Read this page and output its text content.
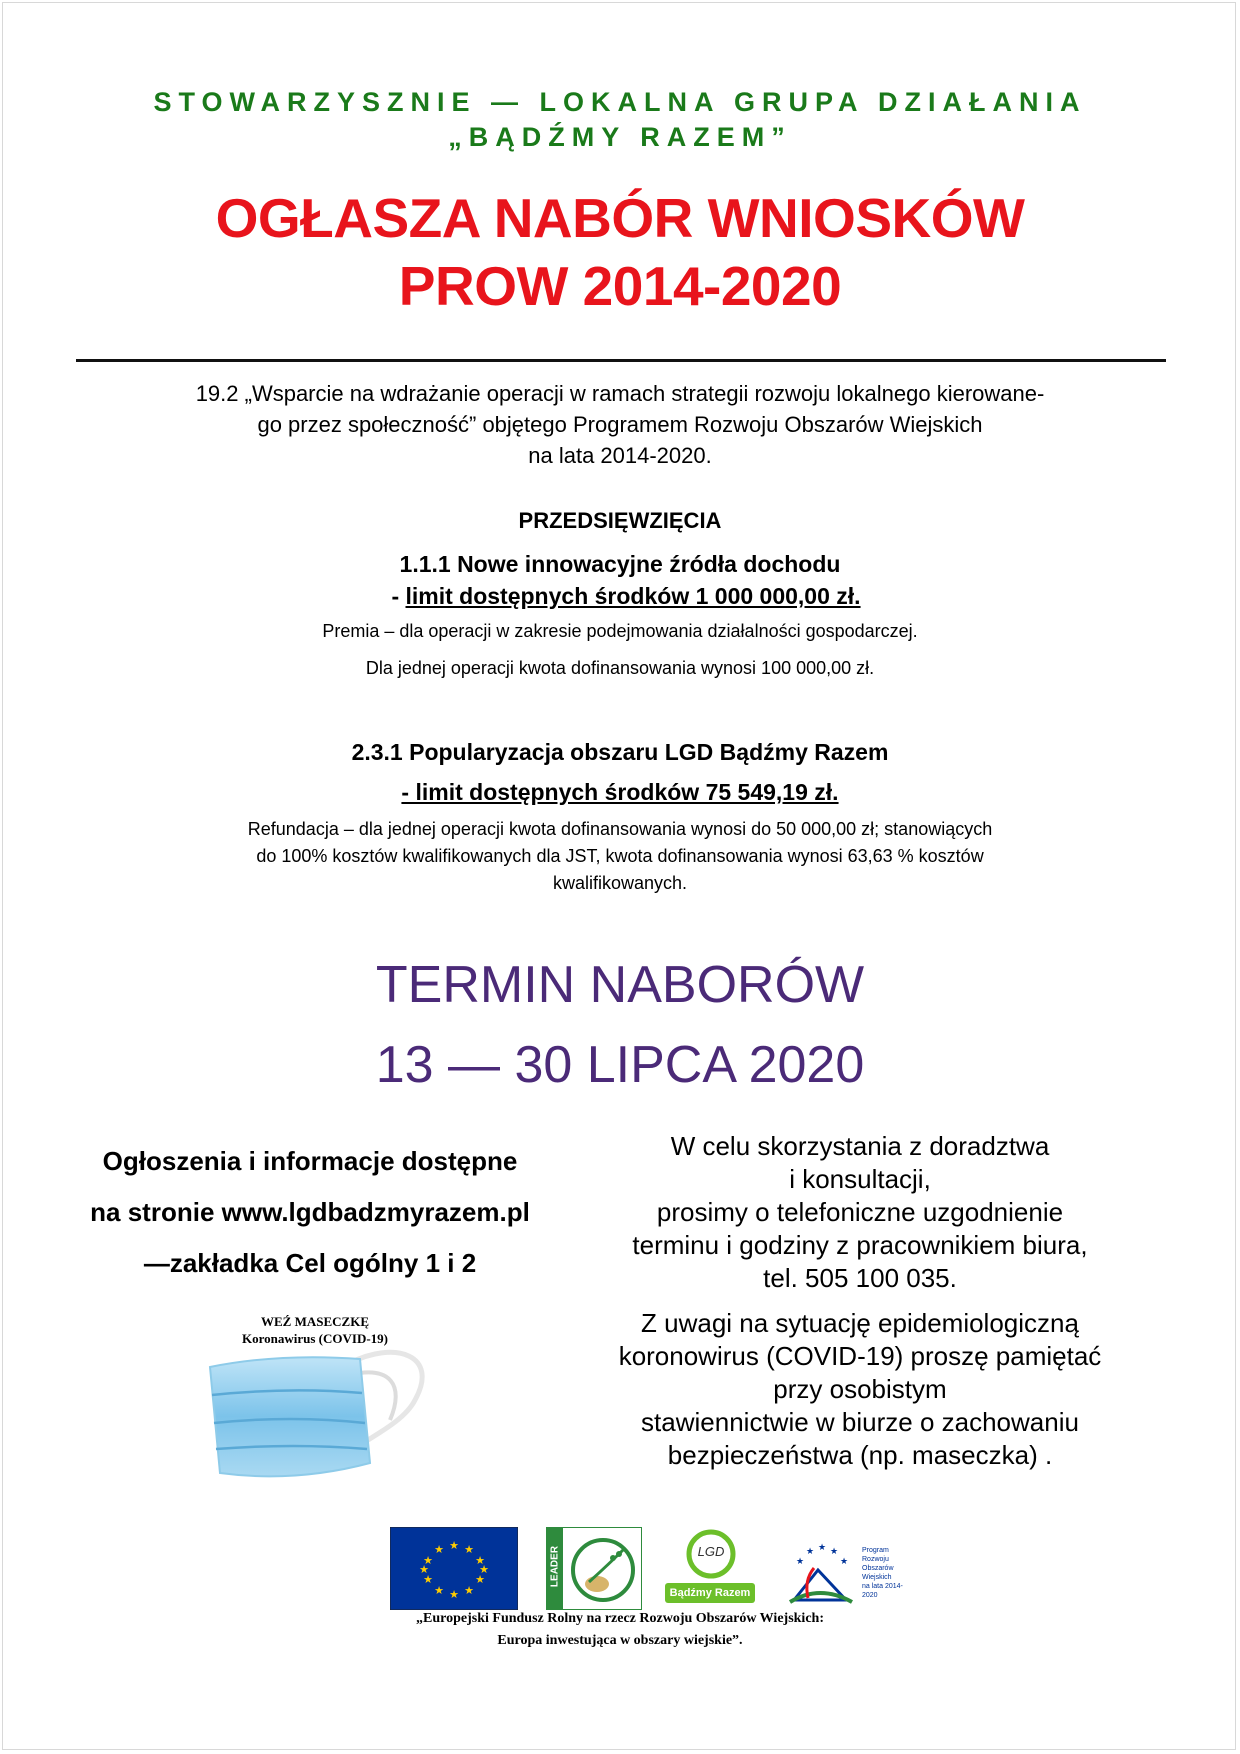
STOWARZYSZNIE — LOKALNA GRUPA DZIAŁANIA
„BĄDŹMY RAZEM”
OGŁASZA NABÓR WNIOSKÓW
PROW 2014-2020
19.2 „Wsparcie na wdrażanie operacji w ramach strategii rozwoju lokalnego kierowane-
go przez społeczność” objętego Programem Rozwoju Obszarów Wiejskich
na lata 2014-2020.
PRZEDSIĘWZIĘCIA
1.1.1 Nowe innowacyjne źródła dochodu
- limit dostępnych środków 1 000 000,00 zł.
Premia – dla operacji w zakresie podejmowania działalności gospodarczej.
Dla jednej operacji kwota dofinansowania wynosi 100 000,00 zł.
2.3.1 Popularyzacja obszaru LGD Bądźmy Razem
- limit dostępnych środków 75 549,19 zł.
Refundacja – dla jednej operacji kwota dofinansowania wynosi do 50 000,00 zł; stanowiących
do 100% kosztów kwalifikowanych dla JST, kwota dofinansowania wynosi 63,63 % kosztów
kwalifikowanych.
TERMIN NABORÓW
13 — 30 LIPCA 2020
Ogłoszenia i informacje dostępne
na stronie www.lgdbadzmyrazem.pl
—zakładka Cel ogólny 1 i 2
WEŹ MASECZKĘ
Koronawirus (COVID-19)
W celu skorzystania z doradztwa
i konsultacji,
prosimy o telefoniczne uzgodnienie
terminu i godziny z pracownikiem biura,
tel. 505 100 035.
Z uwagi na sytuację epidemiologiczną
koronowirus (COVID-19) proszę pamiętać
przy osobistym
stawiennictwie w biurze o zachowaniu
bezpieczeństwa (np. maseczka) .
★ ★
★
★
★
★
★
★
★
★
★
★	LEADER	LGD
Bądźmy Razem
★ ★ ★
★	★
Program
Rozwoju
Obszarów
Wiejskich
na lata 2014-2020
„Europejski Fundusz Rolny na rzecz Rozwoju Obszarów Wiejskich:
Europa inwestująca w obszary wiejskie”.
